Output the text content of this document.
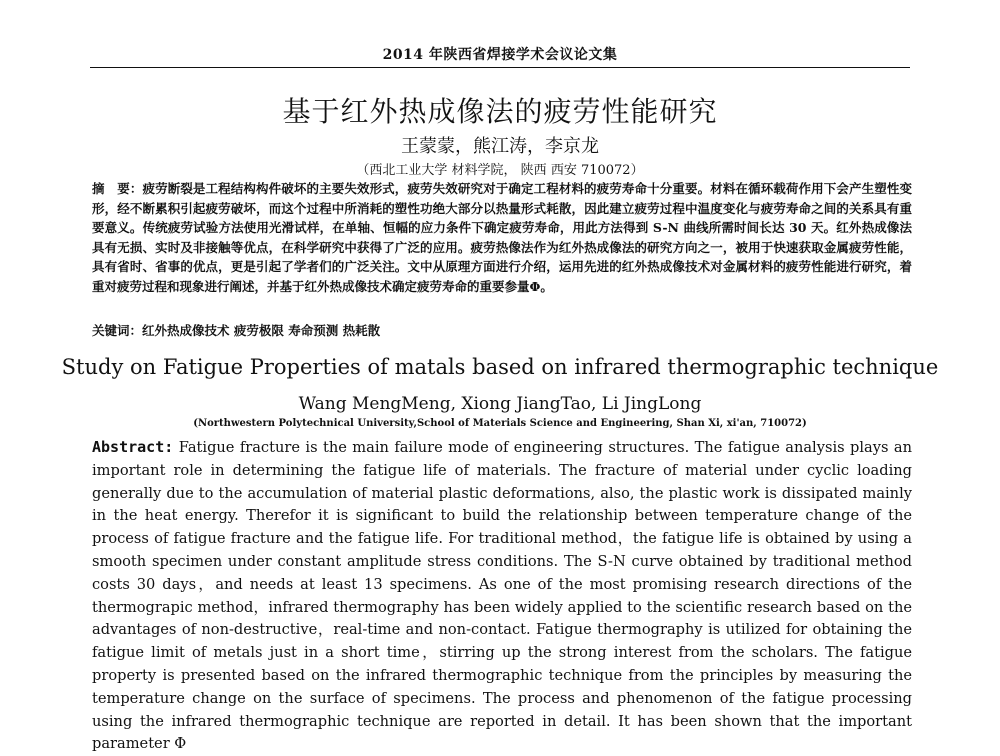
2014 年陕西省焊接学术会议论文集
基于红外热成像法的疲劳性能研究
王蒙蒙，熊江涛，李京龙
（西北工业大学 材料学院， 陕西 西安 710072）
摘　要：疲劳断裂是工程结构构件破坏的主要失效形式，疲劳失效研究对于确定工程材料的疲劳寿命十分重要。材料在循环载荷作用下会产生塑性变形，经不断累积引起疲劳破坏，而这个过程中所消耗的塑性功绝大部分以热量形式耗散，因此建立疲劳过程中温度变化与疲劳寿命之间的关系具有重要意义。传统疲劳试验方法使用光滑试样，在单轴、恒幅的应力条件下确定疲劳寿命，用此方法得到 S-N 曲线所需时间长达 30 天。红外热成像法具有无损、实时及非接触等优点，在科学研究中获得了广泛的应用。疲劳热像法作为红外热成像法的研究方向之一，被用于快速获取金属疲劳性能，具有省时、省事的优点，更是引起了学者们的广泛关注。文中从原理方面进行介绍，运用先进的红外热成像技术对金属材料的疲劳性能进行研究，着重对疲劳过程和现象进行阐述，并基于红外热成像技术确定疲劳寿命的重要参量Φ。
关键词：红外热成像技术 疲劳极限 寿命预测 热耗散
Study on Fatigue Properties of matals based on infrared thermographic technique
Wang MengMeng, Xiong JiangTao, Li JingLong
(Northwestern Polytechnical University,School of Materials Science and Engineering, Shan Xi, xi'an, 710072)
Abstract: Fatigue fracture is the main failure mode of engineering structures. The fatigue analysis plays an important role in determining the fatigue life of materials. The fracture of material under cyclic loading generally due to the accumulation of material plastic deformations, also, the plastic work is dissipated mainly in the heat energy. Therefor it is significant to build the relationship between temperature change of the process of fatigue fracture and the fatigue life. For traditional method，the fatigue life is obtained by using a smooth specimen under constant amplitude stress conditions. The S-N curve obtained by traditional method costs 30 days，and needs at least 13 specimens. As one of the most promising research directions of the thermograpic method，infrared thermography has been widely applied to the scientific research based on the advantages of non-destructive，real-time and non-contact. Fatigue thermography is utilized for obtaining the fatigue limit of metals just in a short time，stirring up the strong interest from the scholars. The fatigue property is presented based on the infrared thermographic technique from the principles by measuring the temperature change on the surface of specimens. The process and phenomenon of the fatigue processing using the infrared thermographic technique are reported in detail. It has been shown that the important parameter Φ
